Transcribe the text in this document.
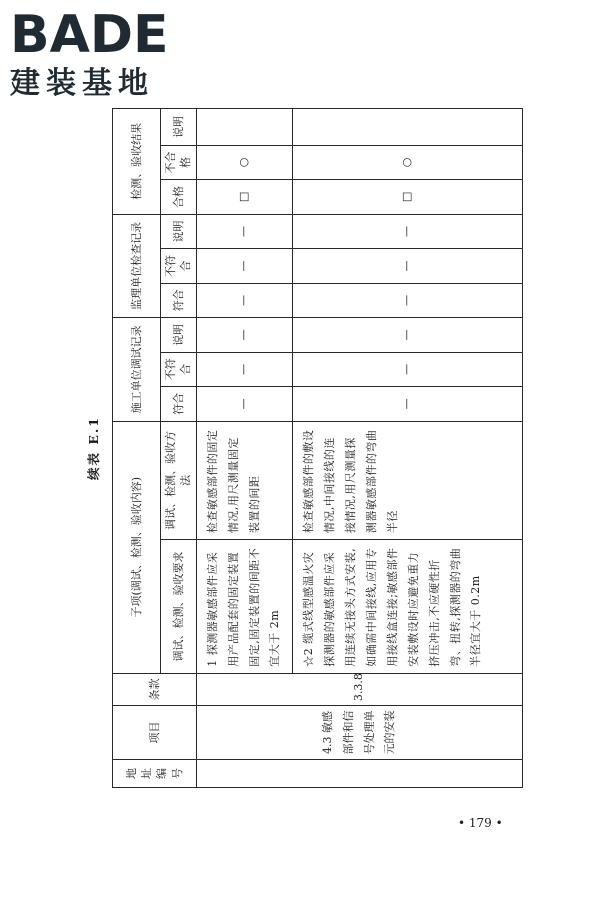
BADE
建装基地
续表 E.1
地址编号	项目	条款	子项(调试、检测、验收内容)		施工单位调试记录			监理单位检查记录			检测、验收结果		

			调试、检测、验收要求	调试、检测、验收方法	符合	不符合	说明	符合	不符合	说明	合格	不合格	说明
	4.3 敏感部件和信号处理单元的安装	3.3.8	1 探测器敏感部件应采用产品配套的固定装置固定,固定装置的间距不宜大于 2m	检查敏感部件的固定情况,用尺测量固定装置的间距	—	—	—	—	—	—	□	○	
			☆2 缆式线型感温火灾探测器的敏感部件应采用连续无接头方式安装,如确需中间接线,应用专用接线盒连接;敏感部件安装敷设时应避免重力挤压冲击,不应硬性折弯、扭转,探测器的弯曲半径宜大于 0.2m	检查敏感部件的敷设情况,中间接线的连接情况,用尺测量探测器敏感部件的弯曲半径	—	—	—	—	—	—	□	○	
• 179 •
